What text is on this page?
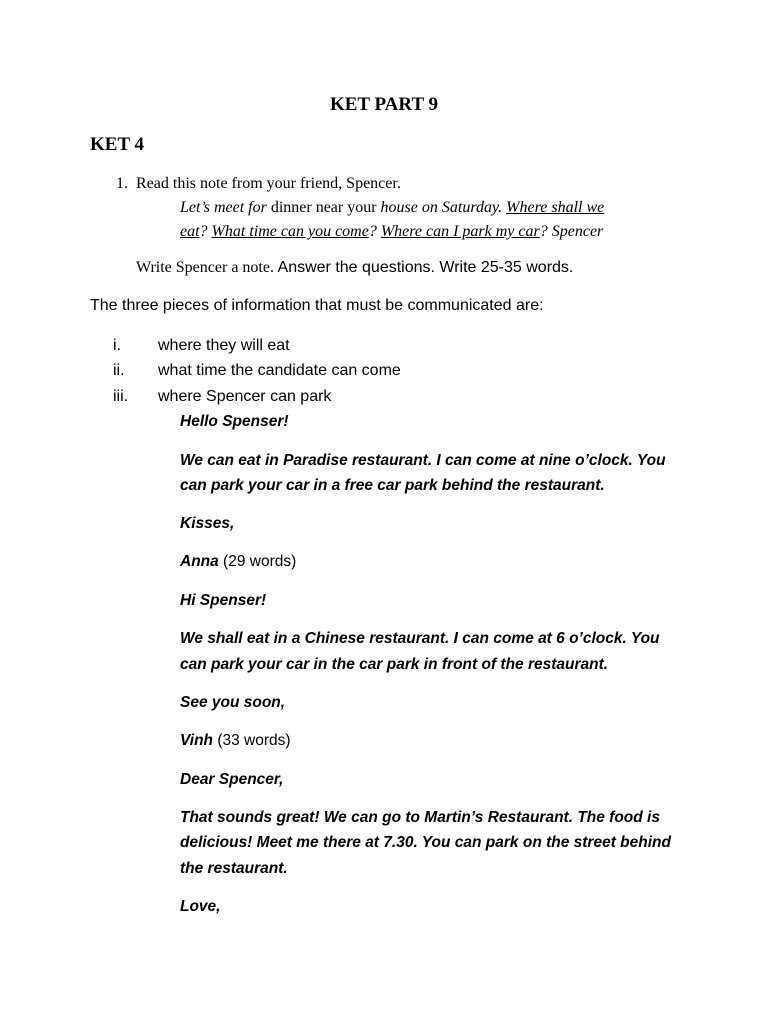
KET PART 9
KET 4
1. Read this note from your friend, Spencer.
Let’s meet for dinner near your house on Saturday. Where shall we
eat? What time can you come? Where can I park my car? Spencer
Write Spencer a note. Answer the questions. Write 25-35 words.
The three pieces of information that must be communicated are:
i. where they will eat
ii. what time the candidate can come
iii. where Spencer can park
Hello Spenser!
We can eat in Paradise restaurant. I can come at nine o’clock. You
can park your car in a free car park behind the restaurant.
Kisses,
Anna (29 words)
Hi Spenser!
We shall eat in a Chinese restaurant. I can come at 6 o’clock. You
can park your car in the car park in front of the restaurant.
See you soon,
Vinh (33 words)
Dear Spencer,
That sounds great! We can go to Martin’s Restaurant. The food is
delicious! Meet me there at 7.30. You can park on the street behind
the restaurant.
Love,
